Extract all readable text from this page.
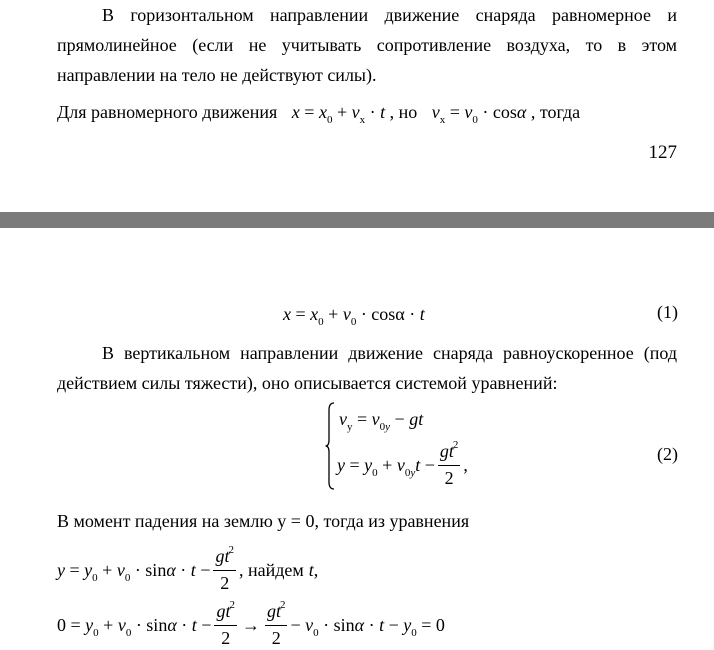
В горизонтальном направлении движение снаряда равномерное и прямолинейное (если не учитывать сопротивление воздуха, то в этом направлении на тело не действуют силы).
Для равномерного движения $x = x_0 + v_x \cdot t$ , но $v_x = v_0 \cdot \cos\alpha$ , тогда
127
$x = x_0 + v_0 \cdot \cos\alpha \cdot t$	(1)
В вертикальном направлении движение снаряда равноускоренное (под действием силы тяжести), оно описывается системой уравнений:
$v_y = v_{0y}$ − gt
$y = y_0 + v_{0y}t - \frac{gt^2}{2}$ ,
(2)
В момент падения на землю y = 0, тогда из уравнения
$y = y_0 + v_0 \cdot \sin\alpha \cdot t - \frac{gt^2}{2}$ , найдем t ,
$0 = y_0 + v_0 \cdot \sin\alpha \cdot t - \frac{gt^2}{2} \to \frac{gt^2}{2} - v_0 \cdot \sin\alpha \cdot t - y_0 = 0$
